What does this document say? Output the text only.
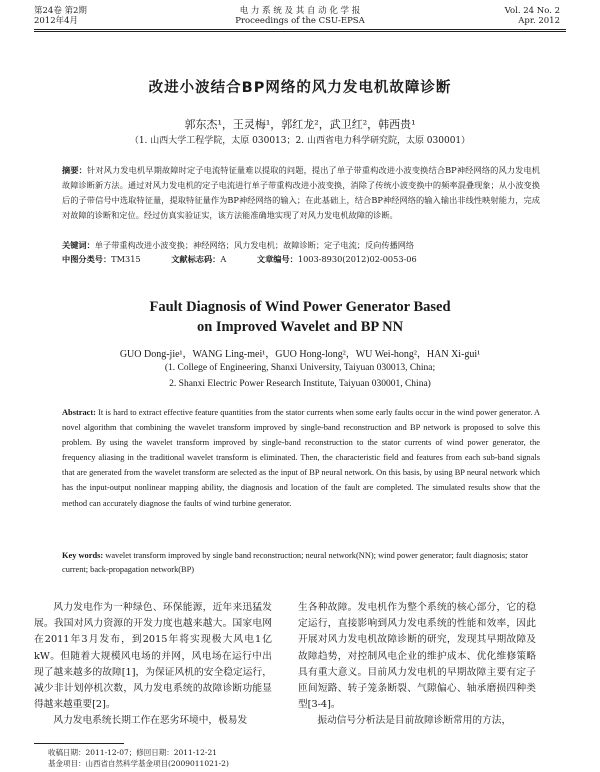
第24卷 第2期
2012年4月
电 力 系 统 及 其 自 动 化 学 报
Proceedings of the CSU-EPSA
Vol. 24 No. 2
Apr. 2012
改进小波结合BP网络的风力发电机故障诊断
郭东杰¹，王灵梅¹，郭红龙²，武卫红²，韩西贵¹
（1. 山西大学工程学院，太原 030013；2. 山西省电力科学研究院，太原 030001）
摘要：针对风力发电机早期故障时定子电流特征量难以提取的问题，提出了单子带重构改进小波变换结合BP神经网络的风力发电机故障诊断新方法。通过对风力发电机的定子电流进行单子带重构改进小波变换，消除了传统小波变换中的频率混叠现象；从小波变换后的子带信号中选取特征量，提取特征量作为BP神经网络的输入；在此基础上，结合BP神经网络的输入输出非线性映射能力，完成对故障的诊断和定位。经过仿真实验证实，该方法能准确地实现了对风力发电机故障的诊断。
关键词：单子带重构改进小波变换；神经网络；风力发电机；故障诊断；定子电流；反向传播网络
中图分类号：TM315	文献标志码：A	文章编号：1003-8930(2012)02-0053-06
Fault Diagnosis of Wind Power Generator Based
on Improved Wavelet and BP NN
GUO Dong-jie¹，WANG Ling-mei¹，GUO Hong-long²，WU Wei-hong²，HAN Xi-gui¹
(1. College of Engineering, Shanxi University, Taiyuan 030013, China;
2. Shanxi Electric Power Research Institute, Taiyuan 030001, China)
Abstract: It is hard to extract effective feature quantities from the stator currents when some early faults occur in the wind power generator. A novel algorithm that combining the wavelet transform improved by single-band reconstruction and BP network is proposed to solve this problem. By using the wavelet transform improved by single-band reconstruction to the stator currents of wind power generator, the frequency aliasing in the traditional wavelet transform is eliminated. Then, the characteristic field and features from each sub-band signals that are generated from the wavelet transform are selected as the input of BP neural network. On this basis, by using BP neural network which has the input-output nonlinear mapping ability, the diagnosis and location of the fault are completed. The simulated results show that the method can accurately diagnose the faults of wind turbine generator.
Key words: wavelet transform improved by single band reconstruction; neural network(NN); wind power generator; fault diagnosis; stator current; back-propagation network(BP)

风力发电作为一种绿色、环保能源，近年来迅猛发展。我国对风力资源的开发力度也越来越大。国家电网在2011年3月发布，到2015年将实现极大风电1亿kW。但随着大规模风电场的并网，风电场在运行中出现了越来越多的故障[1]，为保证风机的安全稳定运行，减少非计划停机次数，风力发电系统的故障诊断功能显得越来越重要[2]。

风力发电系统长期工作在恶劣环境中，极易发

生各种故障。发电机作为整个系统的核心部分，它的稳定运行，直接影响到风力发电系统的性能和效率，因此开展对风力发电机故障诊断的研究，发现其早期故障及故障趋势，对控制风电企业的维护成本、优化维修策略具有重大意义。目前风力发电机的早期故障主要有定子匝间短路、转子笼条断裂、气隙偏心、轴承磨损四种类型[3-4]。

振动信号分析法是目前故障诊断常用的方法，

收稿日期：2011-12-07；修回日期：2011-12-21
基金项目：山西省自然科学基金项目(2009011021-2)
